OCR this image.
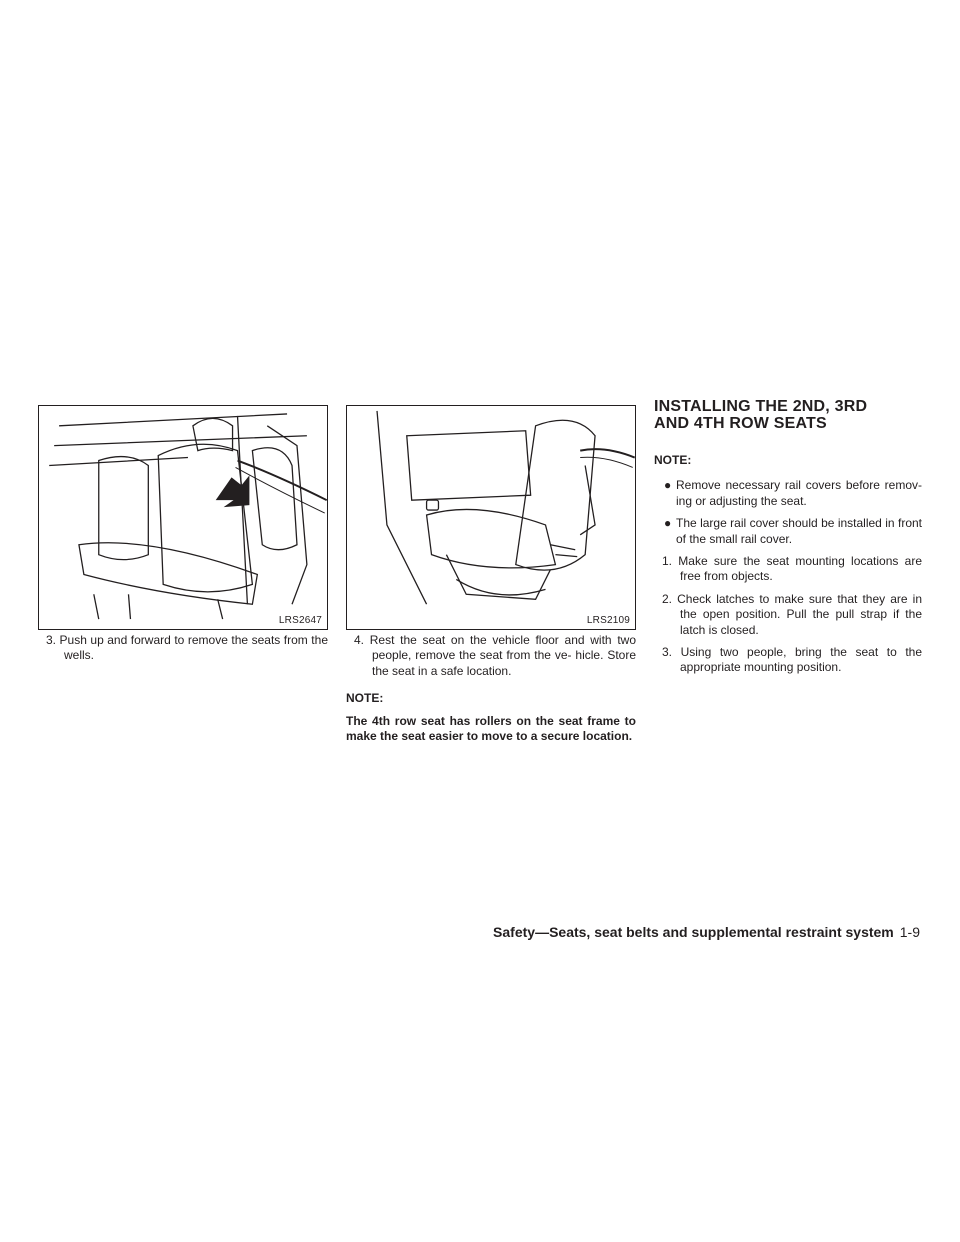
LRS2647	LRS2109

3. Push up and forward to remove the seats from the wells.

4. Rest the seat on the vehicle floor and with two people, remove the seat from the ve- hicle. Store the seat in a safe location.

NOTE:

The 4th row seat has rollers on the seat frame to make the seat easier to move to a secure location.

INSTALLING THE 2ND, 3RD AND 4TH ROW SEATS

NOTE:

● Remove necessary rail covers before remov- ing or adjusting the seat.

● The large rail cover should be installed in front of the small rail cover.

1. Make sure the seat mounting locations are free from objects.

2. Check latches to make sure that they are in the open position. Pull the pull strap if the latch is closed.

3. Using two people, bring the seat to the appropriate mounting position.

Safety—Seats, seat belts and supplemental restraint system 1-9
